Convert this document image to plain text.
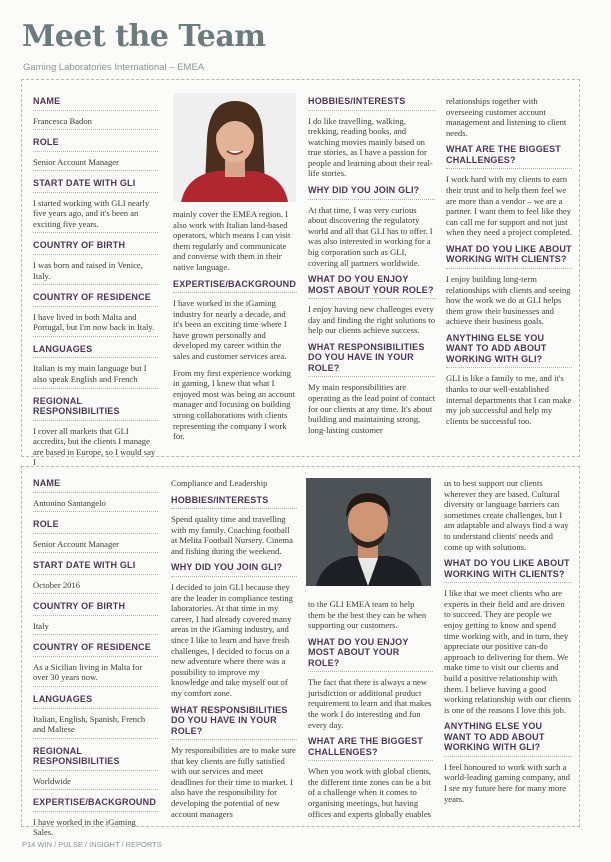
Meet the Team
Gaming Laboratories International – EMEA
NAME
Francesca Badon
ROLE
Senior Account Manager
START DATE WITH GLI
I started working with GLI nearly five years ago, and it's been an exciting five years.
COUNTRY OF BIRTH
I was born and raised in Venice, Italy.
COUNTRY OF RESIDENCE
I have lived in both Malta and Portugal, but I'm now back in Italy.
LANGUAGES
Italian is my main language but I also speak English and French
REGIONAL RESPONSIBILITIES

I cover all markets that GLI accredits, but the clients I manage are based in Europe, so I would say I

mainly cover the EMEA region. I also work with Italian land-based operators, which means I can visit them regularly and communicate and converse with them in their native language.

EXPERTISE/BACKGROUND

I have worked in the iGaming industry for nearly a decade, and it's been an exciting time where I have grown personally and developed my career within the sales and customer services area.

From my first experience working in gaming, I knew that what I enjoyed most was being an account manager and focusing on building strong collaborations with clients representing the company I work for.

HOBBIES/INTERESTS

I do like travelling, walking, trekking, reading books, and watching movies mainly based on true stories, as I have a passion for people and learning about their real-life stories.

WHY DID YOU JOIN GLI?

At that time, I was very curious about discovering the regulatory world and all that GLI has to offer. I was also interested in working for a big corporation such as GLI, covering all partners worldwide.

WHAT DO YOU ENJOY MOST ABOUT YOUR ROLE?

I enjoy having new challenges every day and finding the right solutions to help our clients achieve success.

WHAT RESPONSIBILITIES DO YOU HAVE IN YOUR ROLE?

My main responsibilities are operating as the lead point of contact for our clients at any time. It's about building and maintaining strong, long-lasting customer

relationships together with overseeing customer account management and listening to client needs.

WHAT ARE THE BIGGEST CHALLENGES?

I work hard with my clients to earn their trust and to help them feel we are more than a vendor – we are a partner. I want them to feel like they can call me for support and not just when they need a project completed.

WHAT DO YOU LIKE ABOUT WORKING WITH CLIENTS?

I enjoy building long-term relationships with clients and seeing how the work we do at GLI helps them grow their businesses and achieve their business goals.

ANYTHING ELSE YOU WANT TO ADD ABOUT WORKING WITH GLI?

GLI is like a family to me, and it's thanks to our well-established internal departments that I can make my job successful and help my clients be successful too.

NAME
Antonino Santangelo
ROLE
Senior Account Manager
START DATE WITH GLI
October 2016
COUNTRY OF BIRTH
Italy
COUNTRY OF RESIDENCE
As a Sicilian living in Malta for over 30 years now.
LANGUAGES
Italian, English, Spanish, French and Maltese
REGIONAL RESPONSIBILITIES
Worldwide
EXPERTISE/BACKGROUND

I have worked in the iGaming Sales.

Compliance and Leadership

HOBBIES/INTERESTS

Spend quality time and travelling with my family. Coaching football at Melita Football Nursery. Cinema and fishing during the weekend.

WHY DID YOU JOIN GLI?

I decided to join GLI because they are the leader in compliance testing laboratories. At that time in my career, I had already covered many areas in the iGaming industry, and since I like to learn and have fresh challenges, I decided to focus on a new adventure where there was a possibility to improve my knowledge and take myself out of my comfort zone.

WHAT RESPONSIBILITIES DO YOU HAVE IN YOUR ROLE?

My responsibilities are to make sure that key clients are fully satisfied with our services and meet deadlines for their time to market. I also have the responsibility for developing the potential of new account managers

to the GLI EMEA team to help them be the best they can be when supporting our customers.

WHAT DO YOU ENJOY MOST ABOUT YOUR ROLE?

The fact that there is always a new jurisdiction or additional product requirement to learn and that makes the work I do interesting and fun every day.

WHAT ARE THE BIGGEST CHALLENGES?

When you work with global clients, the different time zones can be a bit of a challenge when it comes to organising meetings, but having offices and experts globally enables

us to best support our clients wherever they are based. Cultural diversity or language barriers can sometimes create challenges, but I am adaptable and always find a way to understand clients' needs and come up with solutions.

WHAT DO YOU LIKE ABOUT WORKING WITH CLIENTS?

I like that we meet clients who are experts in their field and are driven to succeed. They are people we enjoy getting to know and spend time working with, and in turn, they appreciate our positive can-do approach to delivering for them. We make time to visit our clients and build a positive relationship with them. I believe having a good working relationship with our clients is one of the reasons I love this job.

ANYTHING ELSE YOU WANT TO ADD ABOUT WORKING WITH GLI?

I feel honoured to work with such a world-leading gaming company, and I see my future here for many more years.

P14 WIN / PULSE / INSIGHT / REPORTS
